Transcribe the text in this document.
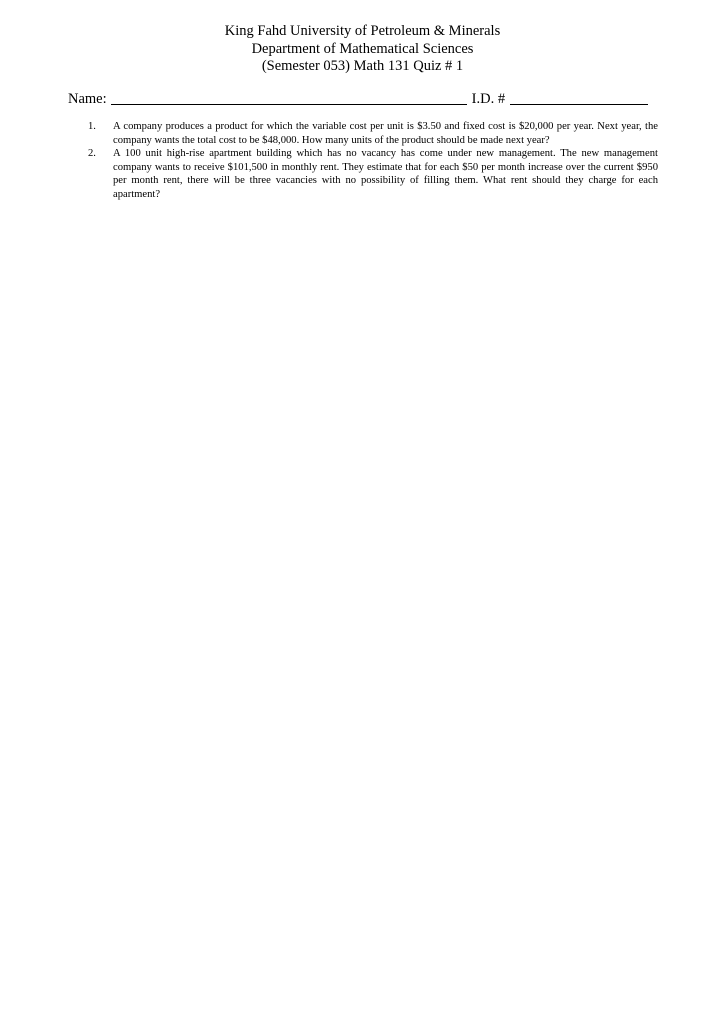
King Fahd University of Petroleum & Minerals
Department of Mathematical Sciences
(Semester 053) Math 131 Quiz # 1
Name:	I.D. #
1.	A company produces a product for which the variable cost per unit is $3.50 and fixed cost is $20,000 per year. Next year, the company wants the total cost to be $48,000. How many units of the product should be made next year?
2.	A 100 unit high-rise apartment building which has no vacancy has come under new management. The new management company wants to receive $101,500 in monthly rent. They estimate that for each $50 per month increase over the current $950 per month rent, there will be three vacancies with no possibility of filling them. What rent should they charge for each apartment?
